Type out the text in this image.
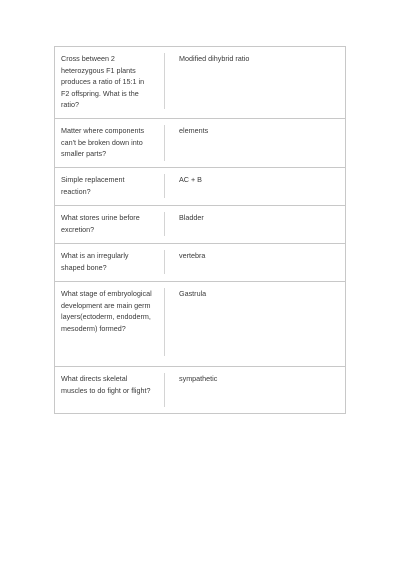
Cross between 2 heterozygous F1 plants produces a ratio of 15:1 in F2 offspring. What is the ratio?
Modified dihybrid ratio
Matter where components can't be broken down into smaller parts?
elements
Simple replacement reaction?
AC + B
What stores urine before excretion?
Bladder
What is an irregularly shaped bone?
vertebra
What stage of embryological development are main germ layers(ectoderm, endoderm, mesoderm) formed?
Gastrula
What directs skeletal muscles to do fight or flight?
sympathetic
